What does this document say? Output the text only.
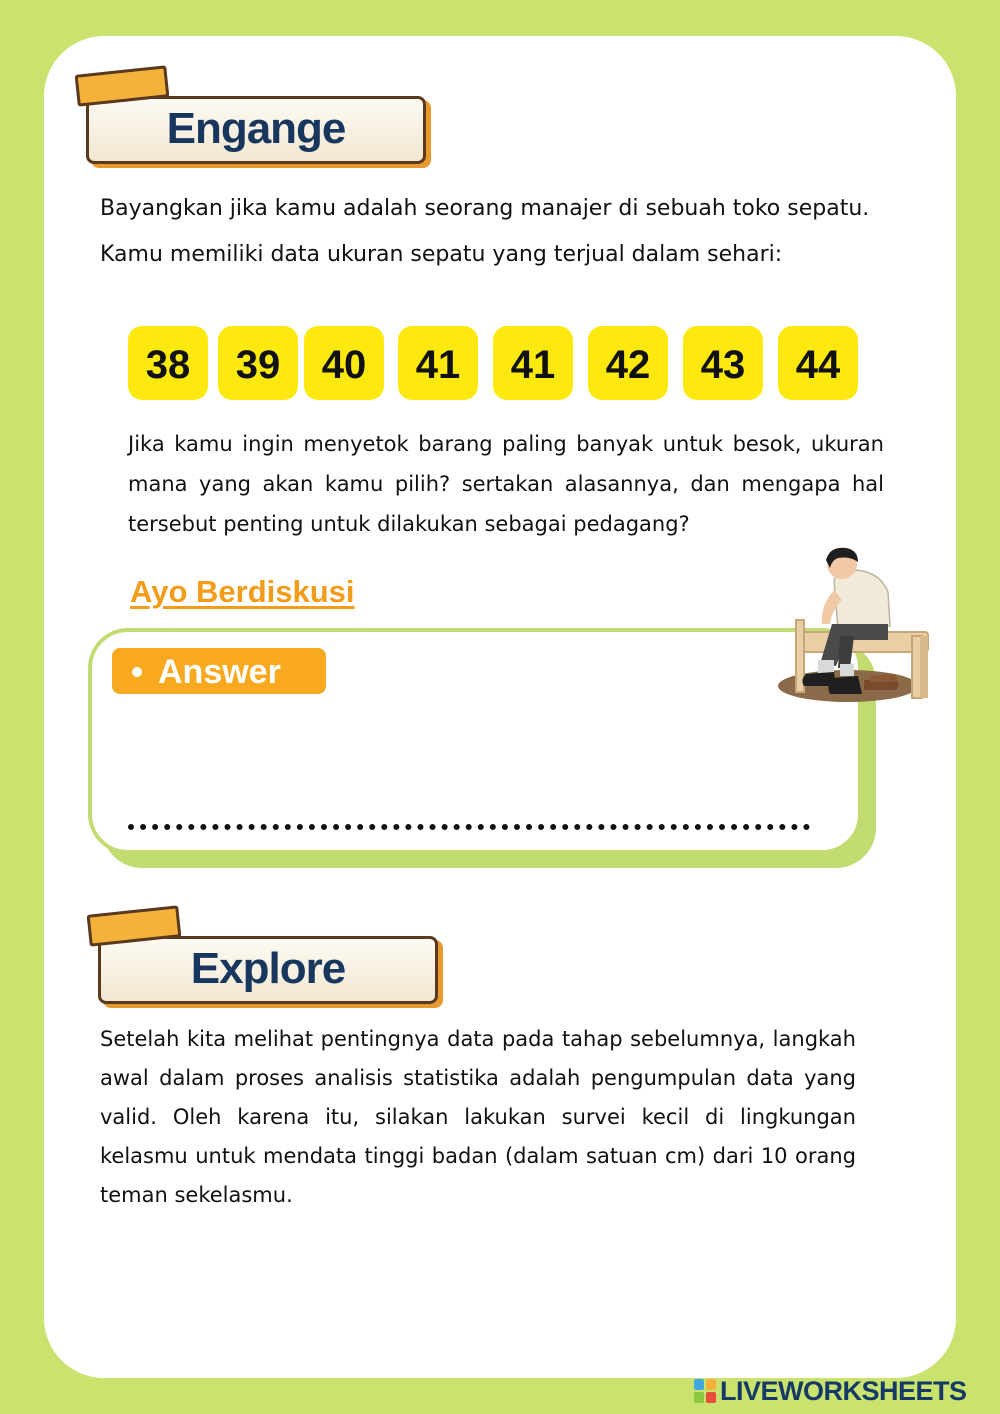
Engange

Bayangkan jika kamu adalah seorang manajer di sebuah toko sepatu. Kamu memiliki data ukuran sepatu yang terjual dalam sehari:

38	39	40	41	41	42	43	44

Jika kamu ingin menyetok barang paling banyak untuk besok, ukuran mana yang akan kamu pilih? sertakan alasannya, dan mengapa hal tersebut penting untuk dilakukan sebagai pedagang?

Ayo Berdiskusi
Answer
Explore

Setelah kita melihat pentingnya data pada tahap sebelumnya, langkah awal dalam proses analisis statistika adalah pengumpulan data yang valid. Oleh karena itu, silakan lakukan survei kecil di lingkungan kelasmu untuk mendata tinggi badan (dalam satuan cm) dari 10 orang teman sekelasmu.

LIVEWORKSHEETS
